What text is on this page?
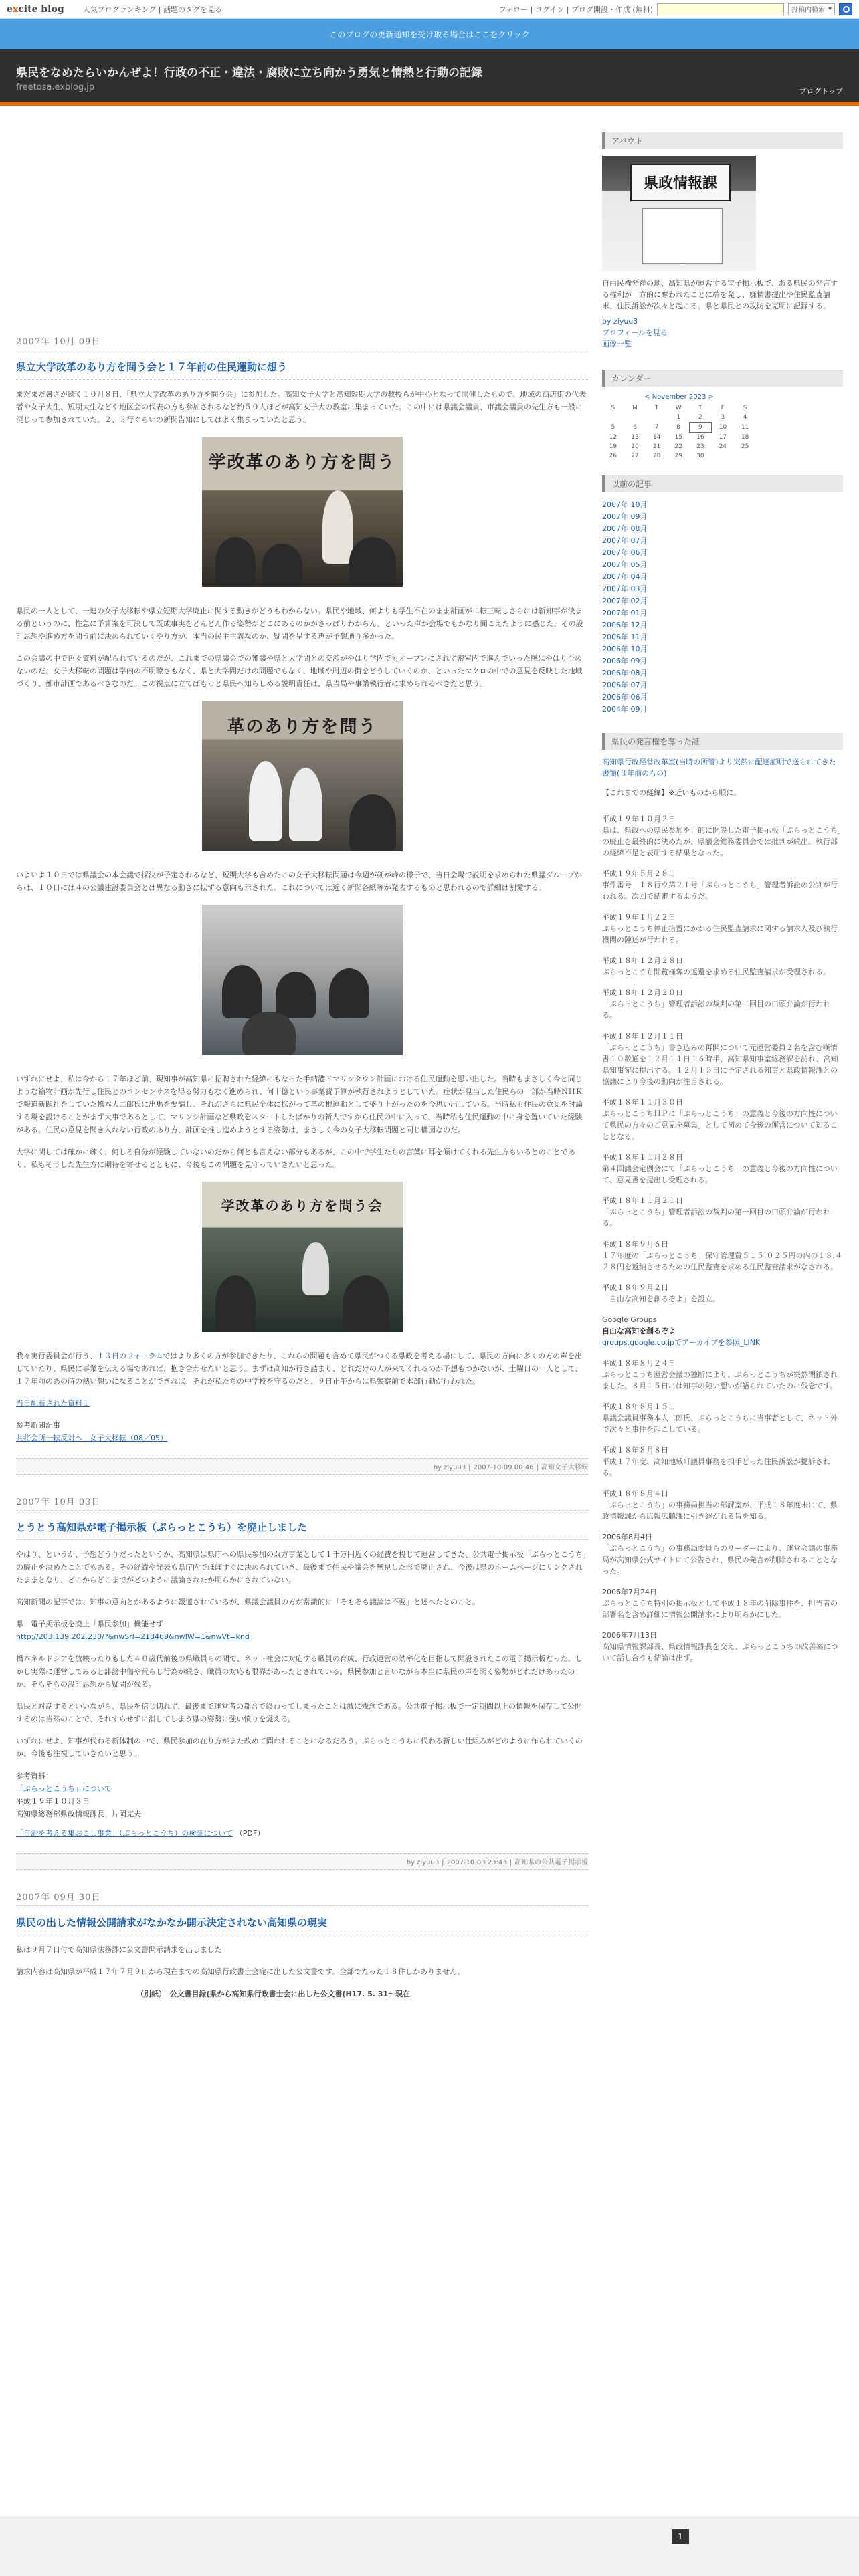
excite blog	人気ブログランキング | 話題のタグを見る	フォロー | ログイン | ブログ開設・作成 (無料)	投稿内検索 ▾
このブログの更新通知を受け取る場合はここをクリック
県民をなめたらいかんぜよ！行政の不正・違法・腐敗に立ち向かう勇気と情熱と行動の記録
freetosa.exblog.jp	ブログトップ
2007年 10月 09日
県立大学改革のあり方を問う会と１７年前の住民運動に想う
まだまだ暑さが続く１０月８日、「県立大学改革のあり方を問う会」に参加した。高知女子大学と高知短期大学の教授らが中心となって開催したもので、地域の商店街の代表者や女子大生、短期大生などや地区会の代表の方も参加されるなど約５０人ほどが高知女子大の教室に集まっていた。この中には県議会議員、市議会議員の先生方も一般に混じって参加されていた。２、３行ぐらいの新聞告知にしてはよく集まっていたと思う。
学改革のあり方を問う
県民の一人として、一連の女子大移転や県立短期大学廃止に関する動きがどうもわからない。県民や地域、何よりも学生不在のまま計画が二転三転しさらには新知事が決まる前というのに、性急に予算案を可決して既成事実をどんどん作る姿勢がどこにあるのかがさっぱりわからん。といった声が会場でもかなり聞こえたように感じた。その設計思想や進め方を問う前に決められていくやり方が、本当の民主主義なのか、疑問を呈する声が予想通り多かった。
この会議の中で色々資料が配られているのだが、これまでの県議会での審議や県と大学間との交渉がやはり学内でもオープンにされず密室内で進んでいった感はやはり否めないのだ。女子大移転の問題は学内の不明瞭さもなく、県と大学間だけの問題でもなく、地域や周辺の街をどうしていくのか、といったマクロの中での意見を反映した地域づくり、都市計画であるべきなのだ。この視点に立てばもっと県民へ知らしめる説明責任は、県当局や事業執行者に求められるべきだと思う。
革のあり方を問う
いよいよ１０日では県議会の本会議で採決が予定されるなど、短期大学も含めたこの女子大移転問題は今週が剣が峰の様子で、当日会場で説明を求められた県議グループからは、１０日には４の公議建設委員会とは異なる動きに転ずる意向も示された。これについては近く新聞各紙等が発表するものと思われるので詳細は割愛する。
いずれにせよ、私は今から１７年ほど前、現知事が高知県に招聘された経緯にもなった手結港ドマリンタウン計画における住民運動を思い出した。当時もまさしく今と同じような箱物計画が先行し住民とのコンセンサスを得る努力もなく進められ、何十億という事業費予算が執行されようとしていた。症状が見当した住民らの一部が当時ＮＨＫで報道新聞社をしていた橋本大二郎氏に出馬を要請し、それがさらに県民全体に拡がって草の根運動として盛り上がったのを今思い出している。当時私も住民の意見を討論する場を設けることがまず大事であるとして、マリンシ計画など県政をスタートしたばかりの新人ですから住民の中に入って、当時私も住民運動の中に身を置いていた経験がある。住民の意見を聞き入れない行政のあり方、計画を推し進めようとする姿勢は、まさしく今の女子大移転問題と同じ構図なのだ。
大学に関しては確かに疎く、何しろ自分が経験していないのだから何とも言えない部分もあるが、この中で学生たちの言葉に耳を傾けてくれる先生方もいるとのことであり、私もそうした先生方に期待を寄せるとともに、今後もこの問題を見守っていきたいと思った。
学改革のあり方を問う会
我々実行委員会が行う、１３日のフォーラムではより多くの方が参加できたり、これらの問題も含めて県民がつくる県政を考える場にして、県民の方向に多くの方の声を出していたり、県民に事業を伝える場であれば、抱き合わせたいと思う。まずは高知が行き詰まり、どれだけの人が来てくれるのか予想もつかないが、土曜日の一人として、１７年前のあの時の熱い想いになることができれば、それが私たちの中学校を守るのだと、９日正午からは県警察前で本部行動が行われた。
当日配布された資料１
参考新聞記事
共将会所一転反対へ　女子大移転（08／05）
by ziyuu3 | 2007-10-09 00:46 | 高知女子大移転
2007年 10月 03日
とうとう高知県が電子掲示板（ぷらっとこうち）を廃止しました
やはり、というか、予想どうりだったというか、高知県は県庁への県民参加の双方事業として１千万円近くの経費を投じて運営してきた、公共電子掲示板「ぷらっとこうち」の廃止を決めたことでもある。その経緯や発表も県庁内でほぼすぐに決められていき、最後まで住民や議会を無視した形で廃止され、今後は県のホームページにリンクされたままとなり、どこからどこまでがどのように議論されたか明らかにされていない。
高知新聞の記事では、知事の意向とかあるように報道されているが、県議会議員の方が常識的に「そもそも議論は不要」と述べたとのこと。
県　電子掲示板を廃止「県民参加」機能せず
http://203.139.202.230/?&nwSrl=218469&nwIW=1&nwVt=knd
橋本ネルドシアを放映ったりもした４０歳代前後の県職員らの間で、ネット社会に対応する職員の育成、行政運営の効率化を目指して開設されたこの電子掲示板だった。しかし実際に運営してみると誹謗中傷や荒らし行為が続き、職員の対応も限界があったとされている。県民参加と言いながら本当に県民の声を聞く姿勢がどれだけあったのか、そもそもの設計思想から疑問が残る。
県民と対話するといいながら、県民を信じ切れず、最後まで運営者の都合で終わってしまったことは誠に残念である。公共電子掲示板で一定期間以上の情報を保存して公開するのは当然のことで、それすらせずに消してしまう県の姿勢に強い憤りを覚える。
いずれにせよ、知事が代わる新体制の中で、県民参加の在り方がまた改めて問われることになるだろう。ぷらっとこうちに代わる新しい仕組みがどのように作られていくのか、今後も注視していきたいと思う。
参考資料：
「ぷらっとこうち」について
平成１９年１０月３日
高知県総務部県政情報課長　片岡克夫
「自治を考える集おこし事業」（ぷらっとこうち）の検証について （PDF）
by ziyuu3 | 2007-10-03 23:43 | 高知県の公共電子掲示板
2007年 09月 30日
県民の出した情報公開請求がなかなか開示決定されない高知県の現実
私は９月７日付で高知県法務課に公文書開示請求を出しました
請求内容は高知県が平成１７年７月９日から現在までの高知県行政書士会宛に出した公文書です。全部でたった１８件しかありません。
（別紙）　公文書目録(県から高知県行政書士会に出した公文書(H17. 5. 31〜現在
アバウト
県政情報課
自由民権発祥の地、高知県が運営する電子掲示板で、ある県民の発言する権利が一方的に奪われたことに端を発し、嫌情書提出や住民監査請求、住民訴訟が次々と起こる。県と県民との攻防を克明に記録する。
by ziyuu3
プロフィールを見る
画像一覧
カレンダー
< November 2023 >
S	M	T	W	T	F	S
			1	2	3	4
5	6	7	8	9	10	11
12	13	14	15	16	17	18
19	20	21	22	23	24	25
26	27	28	29	30		
以前の記事
2007年 10月
2007年 09月
2007年 08月
2007年 07月
2007年 06月
2007年 05月
2007年 04月
2007年 03月
2007年 02月
2007年 01月
2006年 12月
2006年 11月
2006年 10月
2006年 09月
2006年 08月
2006年 07月
2006年 06月
2004年 09月
県民の発言権を奪った証
高知県行政経営改革室(当時の所管)より突然に配達証明で送られてきた書類(３年前のもの)
【これまでの経緯】※近いものから順に。
平成１９年１０月２日
県は、県政への県民参加を目的に開設した電子掲示板「ぷらっとこうち」の廃止を最終的に決めたが、県議会総務委員会では批判が続出。執行部の経緯不足と表明する結果となった。
平成１９年５月２８日
事件番号　１８行ウ第２１号「ぷらっとこうち」管理者訴訟の公判が行われる。次回で結審するようだ。
平成１９年１月２２日
ぷらっとこうち停止措置にかかる住民監査請求に関する請求人及び執行機関の陳述が行われる。
平成１８年１２月２８日
ぷらっとこうち閲覧権奪の返還を求める住民監査請求が受理される。
平成１８年１２月２０日
「ぷらっとこうち」管理者訴訟の裁判の第二回目の口頭弁論が行われる。
平成１８年１２月１１日
「ぷらっとこうち」書き込みの再開について元運営委員２名を含む嘆情書１０数通を１２月１１日１６時半、高知県知事室総務課を訪れ、高知県知事宛に提出する。１２月１５日に予定される知事と県政情報課との協議により今後の動向が注目される。
平成１８年１１月３０日
ぷらっとこうちＨＰに「ぷらっとこうち」の意義と今後の方向性について県民の方々のご意見を募集」として初めて今後の運営について知ることとなる。
平成１８年１１月２８日
第４回議会定例会にて「ぷらっとこうち」の意義と今後の方向性について、意見書を提出し受理される。
平成１８年１１月２１日
「ぷらっとこうち」管理者訴訟の裁判の第一回目の口頭弁論が行われる。
平成１８年９月６日
１７年度の「ぷらっとこうち」保守管理費５１５,０２５円の内の１８,４２８円を返納させるための住民監査を求める住民監査請求がなされる。
平成１８年９月２日
「自由な高知を創るぞよ」を設立。
Google Groups
自由な高知を創るぞよ
groups.google.co.jpでアーカイブを参照_LINK
平成１８年８月２４日
ぷらっとこうち運営会議の独断により、ぷらっとこうちが突然閉鎖されました。８月１５日には知事の熱い想いが語られていたのに残念です。
平成１８年８月１５日
県議会議員事務本人二郎氏、ぷらっとこうちに当事者として、ネット外で次々と事件を起こしている。
平成１８年８月８日
平成１７年度、高知地域町議員事務を相手どった住民訴訟が提訴される。
平成１８年８月４日
「ぷらっとこうち」の事務局担当の部課室が、平成１８年度末にて、県政情報課から広報広聴課に引き継がれる旨を知る。
2006年8月4日
「ぷらっとこうち」の事務局委員らのリーダーにより、運営会議の事務局が高知県公式サイトにて公告され、県民の発言が削除されることとなった。
2006年7月24日
ぷらっとこうち特別の掲示板として平成１８年の削除事件を、担当者の部署名を含め詳細に情報公開請求により明らかにした。
2006年7月13日
高知県情報課部長、県政情報課長を交え、ぷらっとこうちの改善案について話し合うも結論は出ず。
1
